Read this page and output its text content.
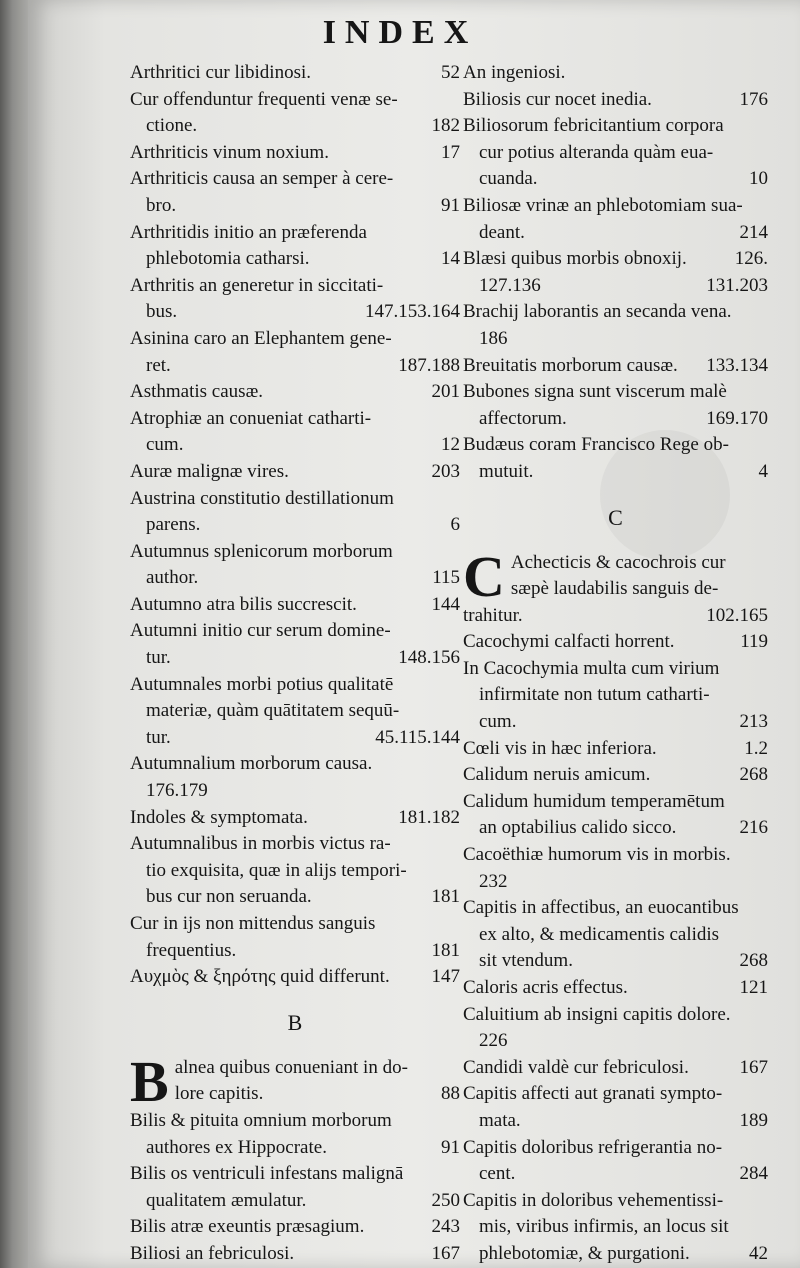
INDEX
Arthritici cur libidinosi.	52
Cur offenduntur frequenti venæ se-
ctione.	182
Arthriticis vinum noxium.	17
Arthriticis causa an semper à cere-
bro.	91
Arthritidis initio an præferenda
phlebotomia catharsi.	14
Arthritis an generetur in siccitati-
bus.	147.153.164
Asinina caro an Elephantem gene-
ret.	187.188
Asthmatis causæ.	201
Atrophiæ an conueniat catharti-
cum.	12
Auræ malignæ vires.	203
Austrina constitutio destillationum
parens.	6
Autumnus splenicorum morborum
author.	115
Autumno atra bilis succrescit.	144
Autumni initio cur serum domine-
tur.	148.156
Autumnales morbi potius qualitatē
materiæ, quàm quātitatem sequū-
tur.	45.115.144
Autumnalium morborum causa.
176.179
Indoles & symptomata.	181.182
Autumnalibus in morbis victus ra-
tio exquisita, quæ in alijs tempori-
bus cur non seruanda.	181
Cur in ijs non mittendus sanguis
frequentius.	181
Αυχμὸς & ξηρότης quid differunt.	147
B
B alnea quibus conueniant in do-
lore capitis.	88
Bilis & pituita omnium morborum
authores ex Hippocrate.	91
Bilis os ventriculi infestans malignā
qualitatem æmulatur.	250
Bilis atræ exeuntis præsagium.	243
Biliosi an febriculosi.	167
An ingeniosi.
Biliosis cur nocet inedia.	176
Biliosorum febricitantium corpora
cur potius alteranda quàm eua-
cuanda.	10
Biliosæ vrinæ an phlebotomiam sua-
deant.	214
Blæsi quibus morbis obnoxij.	126.
127.136	131.203
Brachij laborantis an secanda vena.
186
Breuitatis morborum causæ.	133.134
Bubones signa sunt viscerum malè
affectorum.	169.170
Budæus coram Francisco Rege ob-
mutuit.	4
C
C Achecticis & cacochrois cur
sæpè laudabilis sanguis de-
trahitur.	102.165
Cacochymi calfacti horrent.	119
In Cacochymia multa cum virium
infirmitate non tutum catharti-
cum.	213
Cœli vis in hæc inferiora.	1.2
Calidum neruis amicum.	268
Calidum humidum temperamētum
an optabilius calido sicco.	216
Cacoëthiæ humorum vis in morbis.
232
Capitis in affectibus, an euocantibus
ex alto, & medicamentis calidis
sit vtendum.	268
Caloris acris effectus.	121
Caluitium ab insigni capitis dolore.
226
Candidi valdè cur febriculosi.	167
Capitis affecti aut granati sympto-
mata.	189
Capitis doloribus refrigerantia no-
cent.	284
Capitis in doloribus vehementissi-
mis, viribus infirmis, an locus sit
phlebotomiæ, & purgationi.	42
